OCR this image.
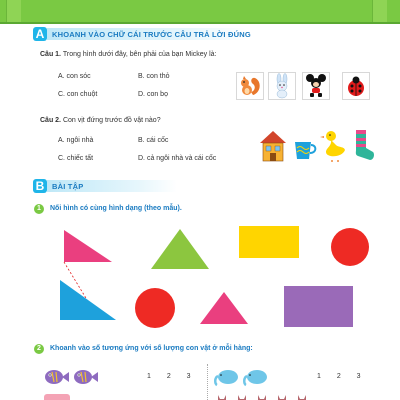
A	KHOANH VÀO CHỮ CÁI TRƯỚC CÂU TRẢ LỜI ĐÚNG
Câu 1. Trong hình dưới đây, bên phải của bạn Mickey là:
A. con sóc	B. con thỏ
C. con chuột	D. con bọ
Câu 2. Con vịt đứng trước đồ vật nào?
A. ngôi nhà	B. cái cốc
C. chiếc tất	D. cả ngôi nhà và cái cốc
B	BÀI TẬP
1	Nối hình có cùng hình dạng (theo mẫu).
2	Khoanh vào số tương ứng với số lượng con vật ở mỗi hàng:
1 2 3	1 2 3
